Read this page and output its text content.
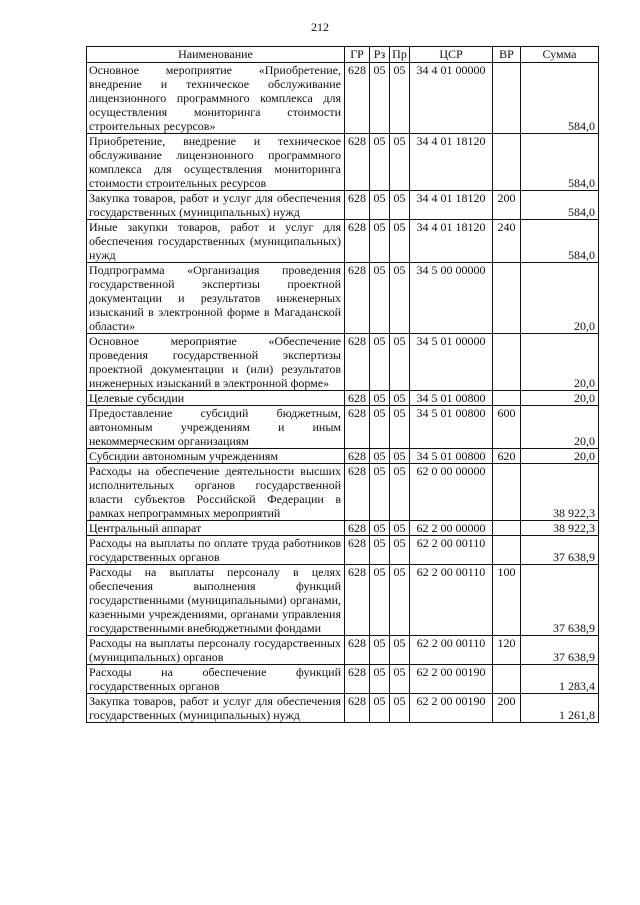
212
Наименование	ГР	Рз	Пр	ЦСР	ВР	Сумма
Основное мероприятие «Приобретение, внедрение и техническое обслуживание лицензионного программного комплекса для осуществления мониторинга стоимости строительных ресурсов»	628	05	05	34 4 01 00000		584,0
Приобретение, внедрение и техническое обслуживание лицензионного программного комплекса для осуществления мониторинга стоимости строительных ресурсов	628	05	05	34 4 01 18120		584,0
Закупка товаров, работ и услуг для обеспечения государственных (муниципальных) нужд	628	05	05	34 4 01 18120	200	584,0
Иные закупки товаров, работ и услуг для обеспечения государственных (муниципальных) нужд	628	05	05	34 4 01 18120	240	584,0
Подпрограмма «Организация проведения государственной экспертизы проектной документации и результатов инженерных изысканий в электронной форме в Магаданской области»	628	05	05	34 5 00 00000		20,0
Основное мероприятие «Обеспечение проведения государственной экспертизы проектной документации и (или) результатов инженерных изысканий в электронной форме»	628	05	05	34 5 01 00000		20,0
Целевые субсидии	628	05	05	34 5 01 00800		20,0
Предоставление субсидий бюджетным, автономным учреждениям и иным некоммерческим организациям	628	05	05	34 5 01 00800	600	20,0
Субсидии автономным учреждениям	628	05	05	34 5 01 00800	620	20,0
Расходы на обеспечение деятельности высших исполнительных органов государственной власти субъектов Российской Федерации в рамках непрограммных мероприятий	628	05	05	62 0 00 00000		38 922,3
Центральный аппарат	628	05	05	62 2 00 00000		38 922,3
Расходы на выплаты по оплате труда работников государственных органов	628	05	05	62 2 00 00110		37 638,9
Расходы на выплаты персоналу в целях обеспечения выполнения функций государственными (муниципальными) органами, казенными учреждениями, органами управления государственными внебюджетными фондами	628	05	05	62 2 00 00110	100	37 638,9
Расходы на выплаты персоналу государственных (муниципальных) органов	628	05	05	62 2 00 00110	120	37 638,9
Расходы на обеспечение функций государственных органов	628	05	05	62 2 00 00190		1 283,4
Закупка товаров, работ и услуг для обеспечения государственных (муниципальных) нужд	628	05	05	62 2 00 00190	200	1 261,8
